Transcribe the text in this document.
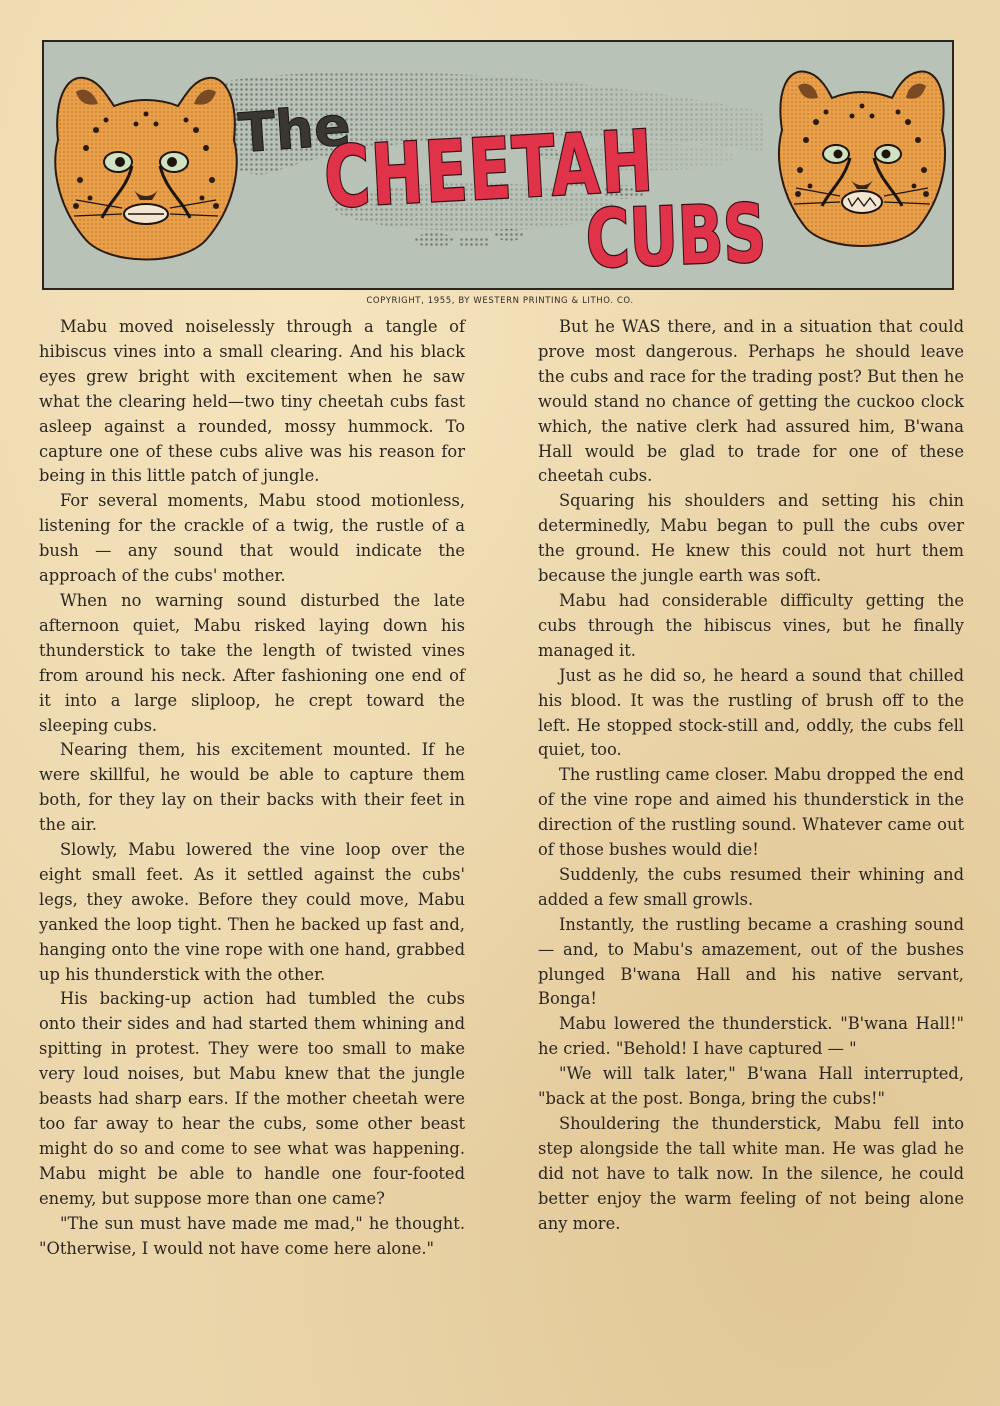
The
CHEETAH
CUBS
COPYRIGHT, 1955, BY WESTERN PRINTING & LITHO. CO.

Mabu moved noiselessly through a tangle of hibiscus vines into a small clearing. And his black eyes grew bright with excitement when he saw what the clearing held—two tiny cheetah cubs fast asleep against a rounded, mossy hummock. To capture one of these cubs alive was his reason for being in this little patch of jungle.

For several moments, Mabu stood motionless, listening for the crackle of a twig, the rustle of a bush — any sound that would indicate the approach of the cubs' mother.

When no warning sound disturbed the late afternoon quiet, Mabu risked laying down his thunderstick to take the length of twisted vines from around his neck. After fashioning one end of it into a large sliploop, he crept toward the sleeping cubs.

Nearing them, his excitement mounted. If he were skillful, he would be able to capture them both, for they lay on their backs with their feet in the air.

Slowly, Mabu lowered the vine loop over the eight small feet. As it settled against the cubs' legs, they awoke. Before they could move, Mabu yanked the loop tight. Then he backed up fast and, hanging onto the vine rope with one hand, grabbed up his thunderstick with the other.

His backing-up action had tumbled the cubs onto their sides and had started them whining and spitting in protest. They were too small to make very loud noises, but Mabu knew that the jungle beasts had sharp ears. If the mother cheetah were too far away to hear the cubs, some other beast might do so and come to see what was happening. Mabu might be able to handle one four-footed enemy, but suppose more than one came?

"The sun must have made me mad," he thought. "Otherwise, I would not have come here alone."

But he WAS there, and in a situation that could prove most dangerous. Perhaps he should leave the cubs and race for the trading post? But then he would stand no chance of getting the cuckoo clock which, the native clerk had assured him, B'wana Hall would be glad to trade for one of these cheetah cubs.

Squaring his shoulders and setting his chin determinedly, Mabu began to pull the cubs over the ground. He knew this could not hurt them because the jungle earth was soft.

Mabu had considerable difficulty getting the cubs through the hibiscus vines, but he finally managed it.

Just as he did so, he heard a sound that chilled his blood. It was the rustling of brush off to the left. He stopped stock-still and, oddly, the cubs fell quiet, too.

The rustling came closer. Mabu dropped the end of the vine rope and aimed his thunderstick in the direction of the rustling sound. Whatever came out of those bushes would die!

Suddenly, the cubs resumed their whining and added a few small growls.

Instantly, the rustling became a crashing sound — and, to Mabu's amazement, out of the bushes plunged B'wana Hall and his native servant, Bonga!

Mabu lowered the thunderstick. "B'wana Hall!" he cried. "Behold! I have captured — "

"We will talk later," B'wana Hall interrupted, "back at the post. Bonga, bring the cubs!"

Shouldering the thunderstick, Mabu fell into step alongside the tall white man. He was glad he did not have to talk now. In the silence, he could better enjoy the warm feeling of not being alone any more.
